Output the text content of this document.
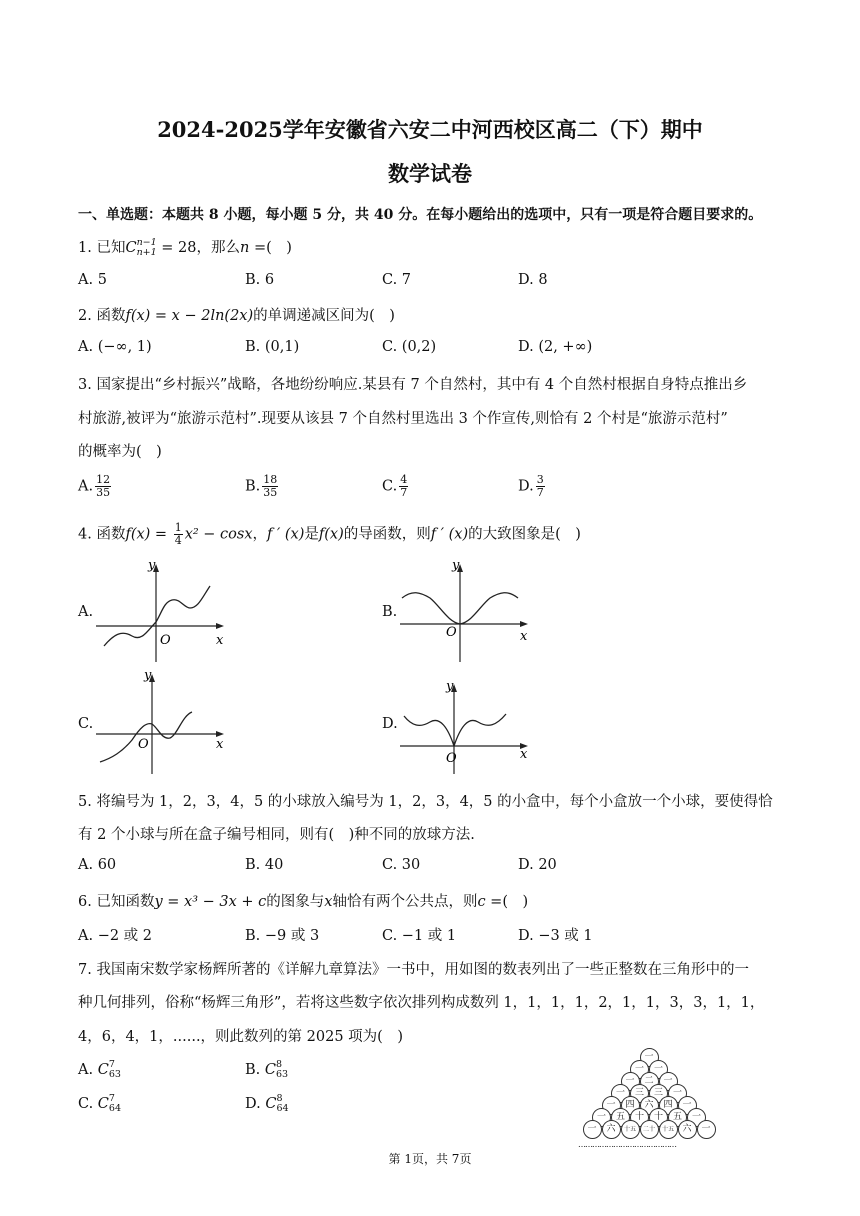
2024-2025学年安徽省六安二中河西校区高二（下）期中
数学试卷
一、单选题：本题共 8 小题，每小题 5 分，共 40 分。在每小题给出的选项中，只有一项是符合题目要求的。
1. 已知C n−1
n+1 = 28，那么n =(　)
A. 5	B. 6	C. 7	D. 8
2. 函数f(x) = x − 2ln(2x)的单调递减区间为(　)
A. (−∞, 1)	B. (0,1)	C. (0,2)	D. (2, +∞)
3. 国家提出“乡村振兴”战略，各地纷纷响应.某县有 7 个自然村，其中有 4 个自然村根据自身特点推出乡
村旅游,被评为“旅游示范村”.现要从该县 7 个自然村里选出 3 个作宣传,则恰有 2 个村是“旅游示范村”
的概率为(　)
A. $\frac{12}{35}$	B. $\frac{18}{35}$	C. $\frac{4}{7}$	D. $\frac{3}{7}$
4. 函数$f(x) = \frac{1}{4} x^2 - \cos x$，f ′ (x)是f(x)的导函数，则f ′ (x)的大致图象是(　)
A.
y
x
O
B.
y
x
O
C.
y
x
O
D.
y
x
O
5. 将编号为 1，2，3，4，5 的小球放入编号为 1，2，3，4，5 的小盒中，每个小盒放一个小球，要使得恰
有 2 个小球与所在盒子编号相同，则有(　)种不同的放球方法.
A. 60	B. 40	C. 30	D. 20
6. 已知函数y = x³ − 3x + c的图象与x轴恰有两个公共点，则c =(　)
A. −2 或 2	B. −9 或 3	C. −1 或 1	D. −3 或 1
7. 我国南宋数学家杨辉所著的《详解九章算法》一书中，用如图的数表列出了一些正整数在三角形中的一
种几何排列，俗称“杨辉三角形”，若将这些数字依次排列构成数列 1，1，1，1，2，1，1，3，3，1，1，
4，6，4，1，......，则此数列的第 2025 项为(　)
A. C 7
63	B. C 8
63
C. C 7
64	D. C 8
64
一
一	一
一	二	一
一	三	三	一
一	四	六	四	一
一	五	十	十	五	一
一	六	十五	二十	十五 六	一
……………………………………
第 1页，共 7页
